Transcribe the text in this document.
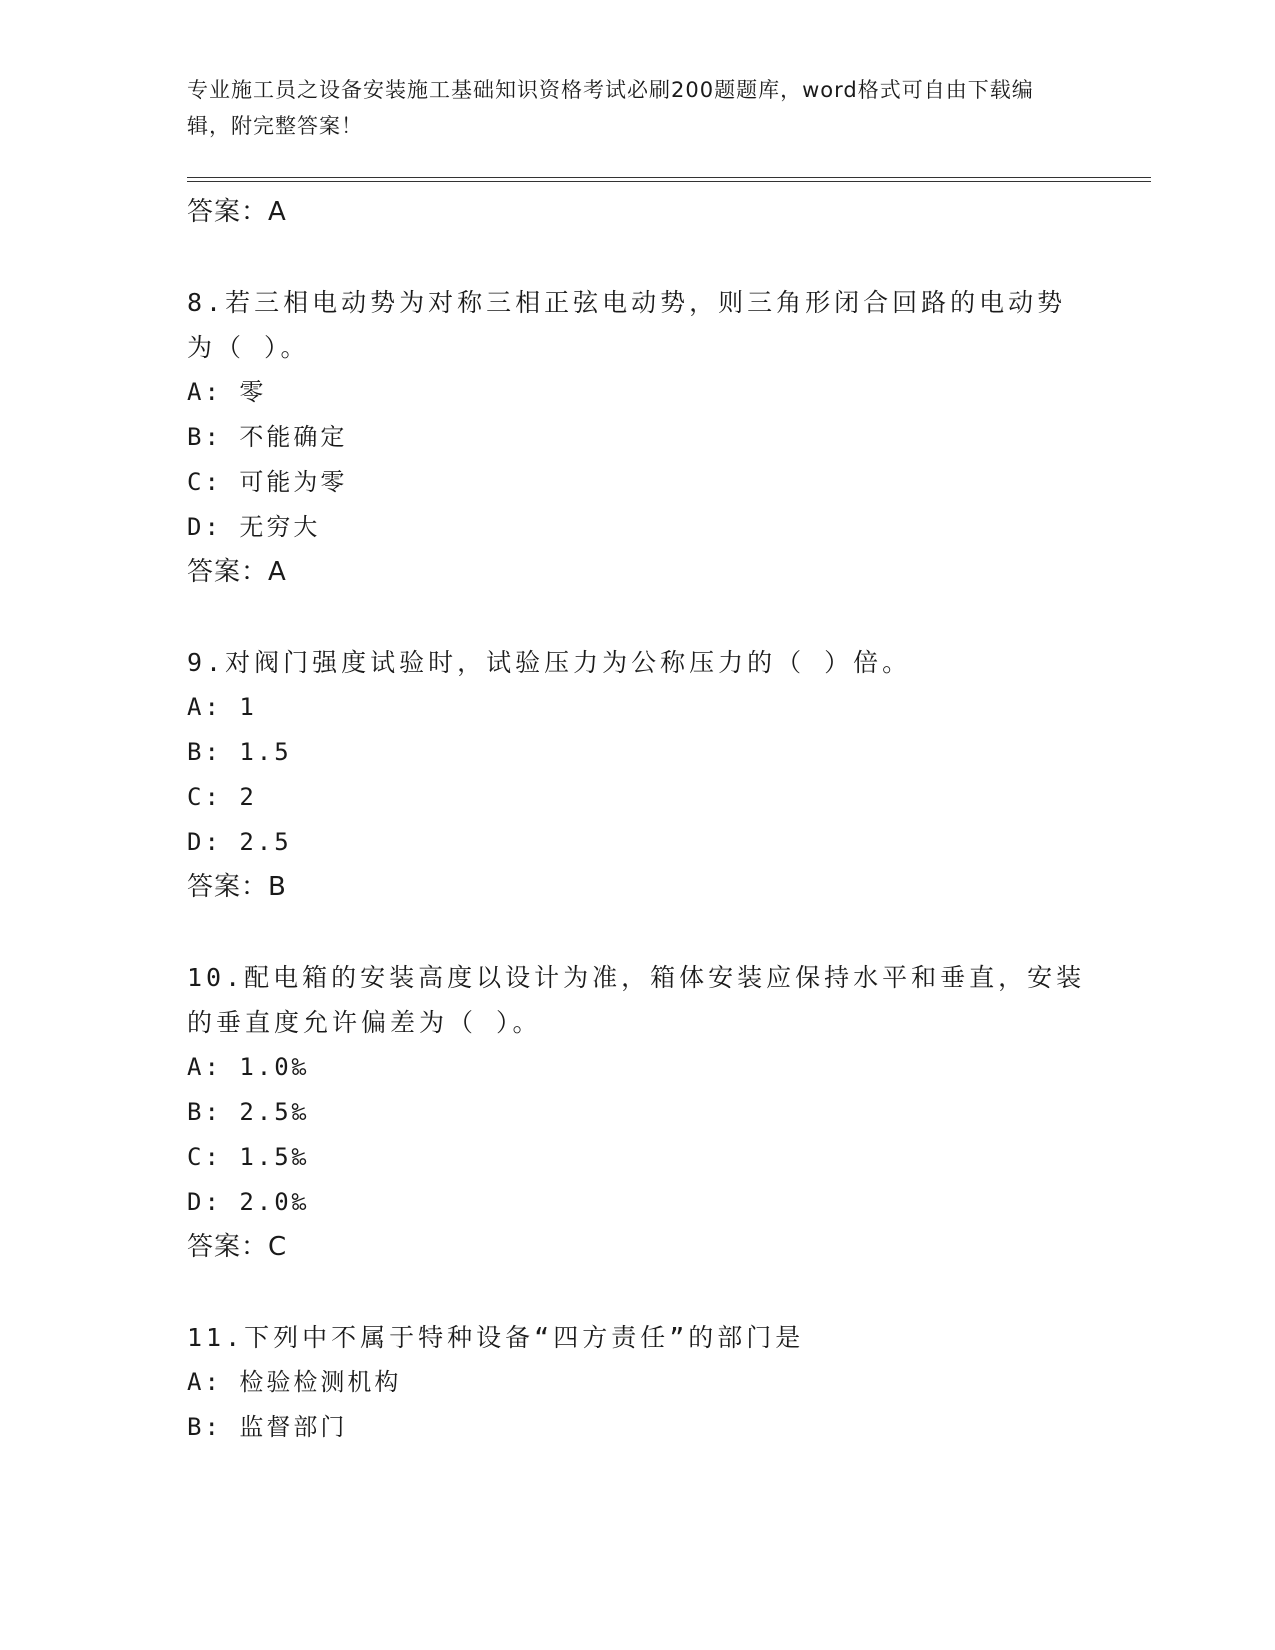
专业施工员之设备安装施工基础知识资格考试必刷200题题库，word格式可自由下载编辑，附完整答案！
答案：A
8.若三相电动势为对称三相正弦电动势，则三角形闭合回路的电动势为（ ）。
A: 零
B: 不能确定
C: 可能为零
D: 无穷大
答案：A
9.对阀门强度试验时，试验压力为公称压力的（ ）倍。
A: 1
B: 1.5
C: 2
D: 2.5
答案：B
10.配电箱的安装高度以设计为准，箱体安装应保持水平和垂直，安装的垂直度允许偏差为（ ）。
A: 1.0‰
B: 2.5‰
C: 1.5‰
D: 2.0‰
答案：C
11.下列中不属于特种设备“四方责任”的部门是
A: 检验检测机构
B: 监督部门
